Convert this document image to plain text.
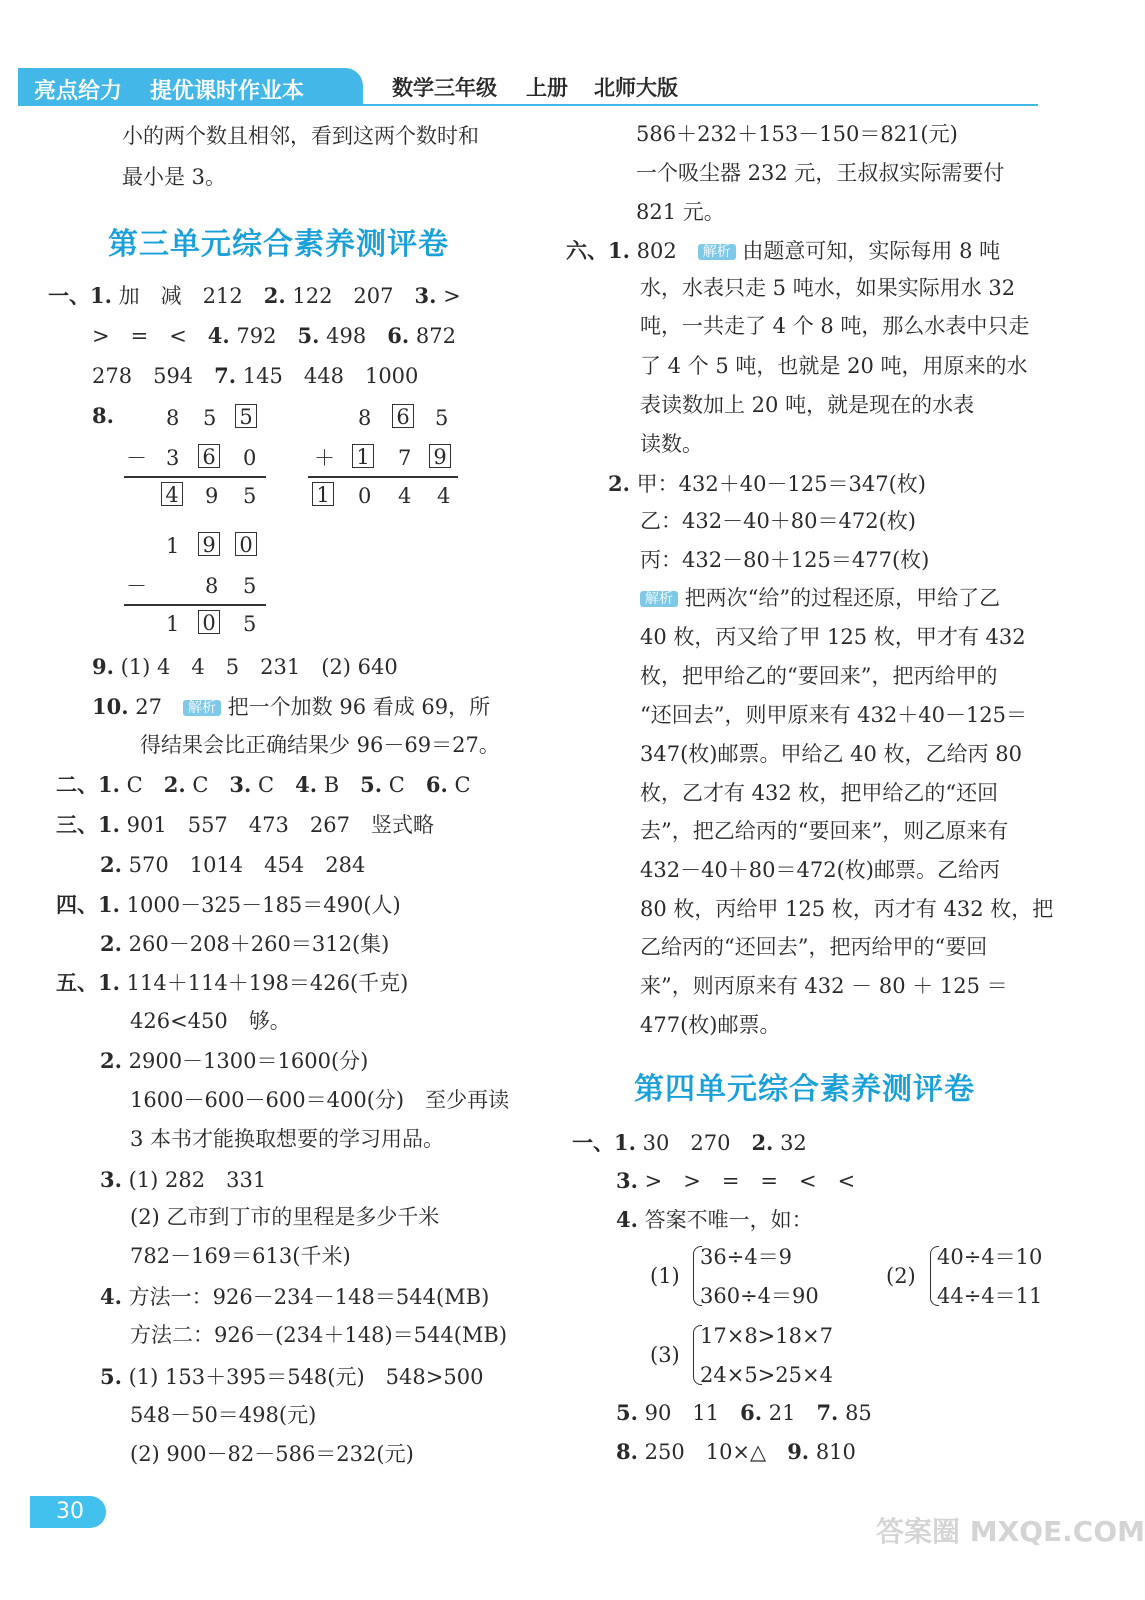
亮点给力 提优课时作业本	数学三年级 上册 北师大版
小的两个数且相邻，看到这两个数时和
最小是 3。
第三单元综合素养测评卷
一、1. 加　减　212　 2. 122　207　 3. >
>　=　<　 4. 792　 5. 498　 6. 872
278　594　 7. 145　448　1000
8. 8 5 5
－ 3 6 0
4 9 5
8 6 5
＋ 1 7 9
1 0 4 4
1 9 0
－	8 5
1 0 5
9. (1) 4　4　5　231　(2) 640
10. 27　 解析 把一个加数 96 看成 69，所
得结果会比正确结果少 96－69＝27。
二、1. C　 2. C　 3. C　 4. B　 5. C　 6. C
三、1. 901　557　473　267　竖式略
2. 570　1014　454　284
四、1. 1000－325－185＝490(人)
2. 260－208＋260＝312(集)
五、1. 114＋114＋198＝426(千克)
426<450　够。
2. 2900－1300＝1600(分)
1600－600－600＝400(分)　至少再读
3 本书才能换取想要的学习用品。
3. (1) 282　331
(2) 乙市到丁市的里程是多少千米
782－169＝613(千米)
4. 方法一：926－234－148＝544(MB)
方法二：926－(234＋148)＝544(MB)
5. (1) 153＋395＝548(元)　548>500
548－50＝498(元)
(2) 900－82－586＝232(元)
586＋232＋153－150＝821(元)
一个吸尘器 232 元，王叔叔实际需要付
821 元。
六、1. 802　 解析 由题意可知，实际每用 8 吨
水，水表只走 5 吨水，如果实际用水 32
吨，一共走了 4 个 8 吨，那么水表中只走
了 4 个 5 吨，也就是 20 吨，用原来的水
表读数加上 20 吨，就是现在的水表
读数。
2. 甲：432＋40－125＝347(枚)
乙：432－40＋80＝472(枚)
丙：432－80＋125＝477(枚)
解析 把两次“给”的过程还原，甲给了乙
40 枚，丙又给了甲 125 枚，甲才有 432
枚，把甲给乙的“要回来”，把丙给甲的
“还回去”，则甲原来有 432＋40－125＝
347(枚)邮票。甲给乙 40 枚，乙给丙 80
枚，乙才有 432 枚，把甲给乙的“还回
去”，把乙给丙的“要回来”，则乙原来有
432－40＋80＝472(枚)邮票。乙给丙
80 枚，丙给甲 125 枚，丙才有 432 枚，把
乙给丙的“还回去”，把丙给甲的“要回
来”，则丙原来有 432 － 80 ＋ 125 ＝
477(枚)邮票。
第四单元综合素养测评卷
一、1. 30　270　 2. 32
3. >　>　=　=　<　<
4. 答案不唯一，如：
(1)
36÷4＝9
360÷4＝90
(2)
40÷4＝10
44÷4＝11
(3)
17×8>18×7
24×5>25×4
5. 90　11　 6. 21　 7. 85
8. 250　10×△　 9. 810
30
答案圈 MXQE.COM
